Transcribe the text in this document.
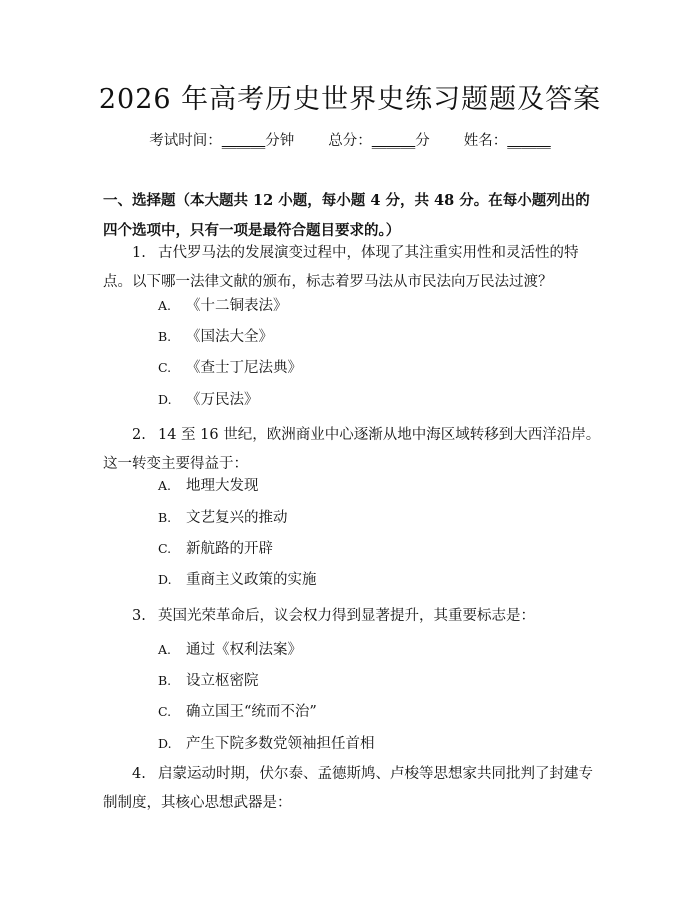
2026 年高考历史世界史练习题题及答案
考试时间：______分钟 总分：______分 姓名：______
一、选择题（本大题共 12 小题，每小题 4 分，共 48 分。在每小题列出的四个选项中，只有一项是最符合题目要求的。）
1. 古代罗马法的发展演变过程中，体现了其注重实用性和灵活性的特点。以下哪一法律文献的颁布，标志着罗马法从市民法向万民法过渡？
A. 《十二铜表法》
B. 《国法大全》
C. 《查士丁尼法典》
D. 《万民法》
2. 14 至 16 世纪，欧洲商业中心逐渐从地中海区域转移到大西洋沿岸。这一转变主要得益于：
A. 地理大发现
B. 文艺复兴的推动
C. 新航路的开辟
D. 重商主义政策的实施
3. 英国光荣革命后，议会权力得到显著提升，其重要标志是：
A. 通过《权利法案》
B. 设立枢密院
C. 确立国王“统而不治”
D. 产生下院多数党领袖担任首相
4. 启蒙运动时期，伏尔泰、孟德斯鸠、卢梭等思想家共同批判了封建专制制度，其核心思想武器是：
